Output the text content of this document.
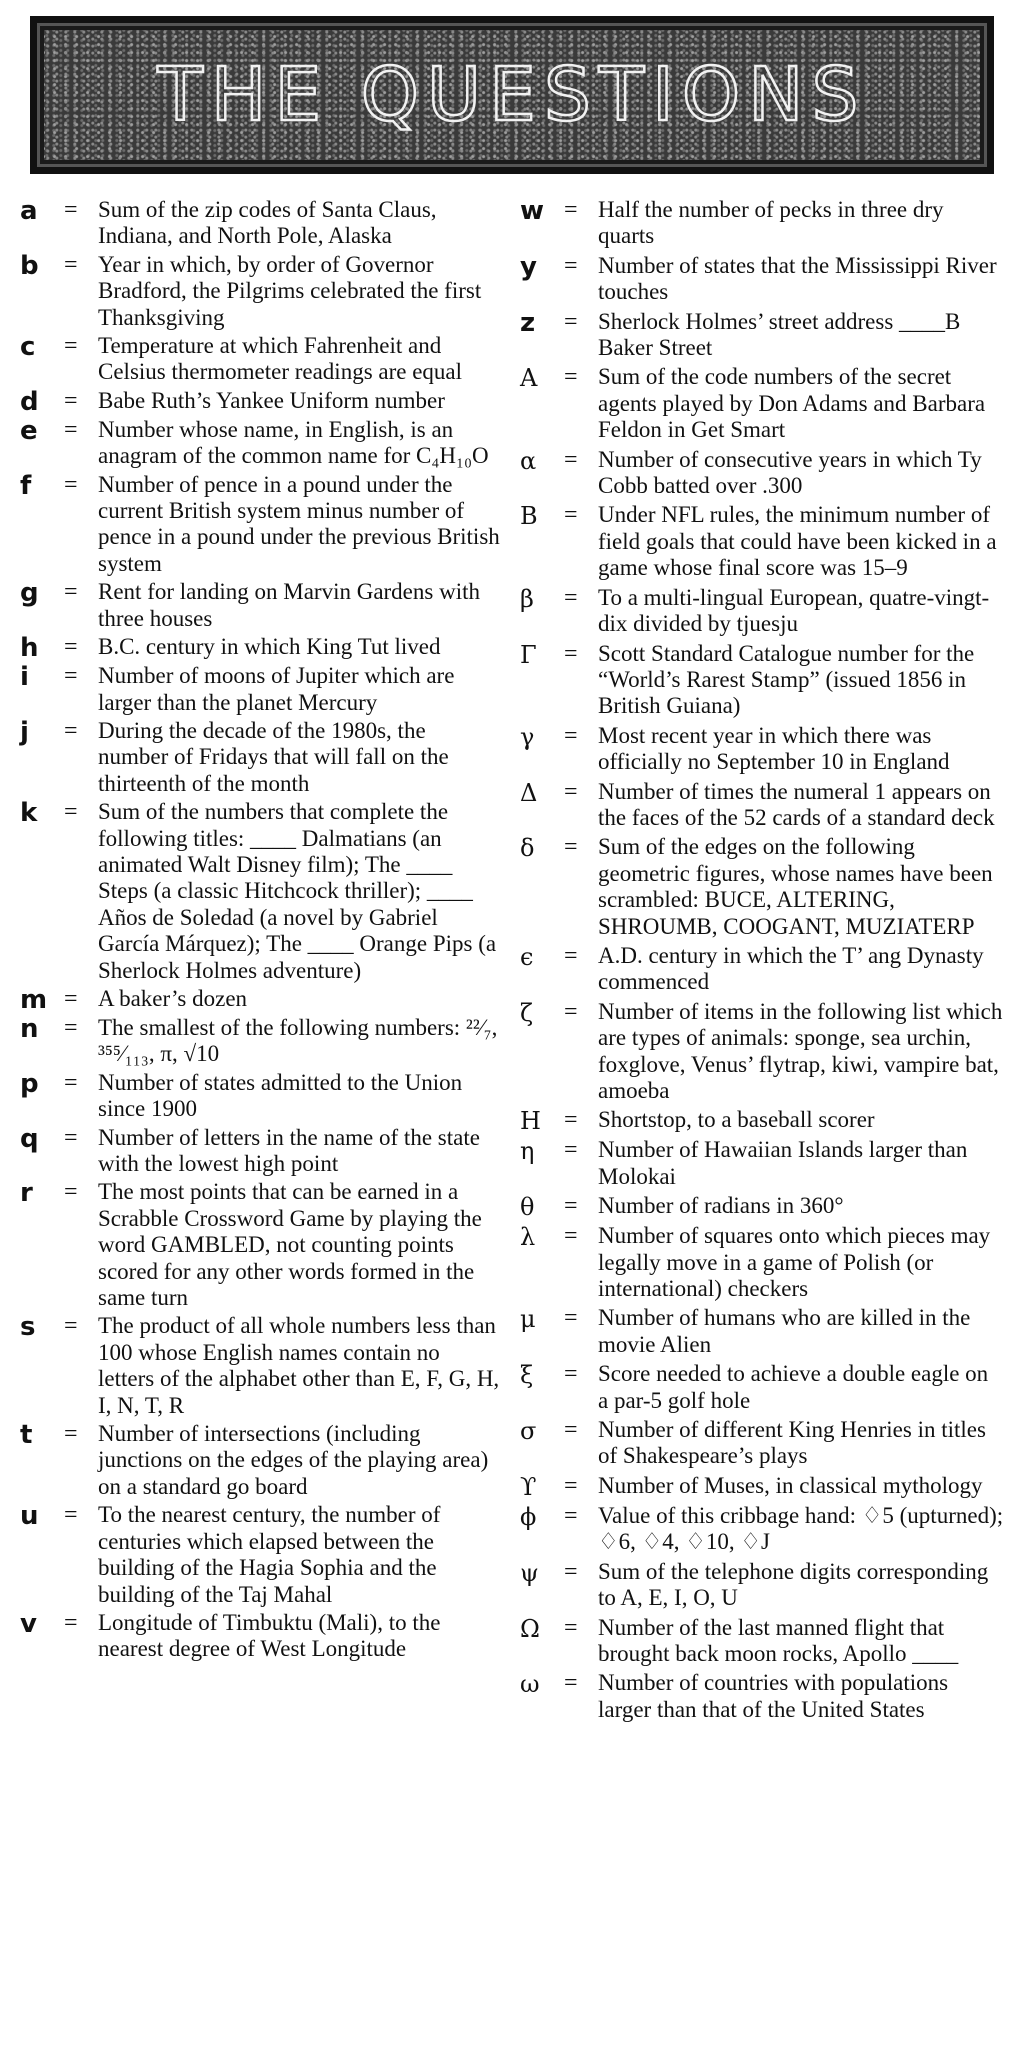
THE QUESTIONS
a	= Sum of the zip codes of Santa Claus, Indiana, and North Pole, Alaska
b	= Year in which, by order of Governor Bradford, the Pilgrims celebrated the first Thanksgiving
c	= Temperature at which Fahrenheit and Celsius thermometer readings are equal
d	= Babe Ruth’s Yankee Uniform number
e	= Number whose name, in English, is an anagram of the common name for C₄H₁₀O
f	= Number of pence in a pound under the current British system minus number of pence in a pound under the previous British system
g	= Rent for landing on Marvin Gardens with three houses
h	= B.C. century in which King Tut lived
i	= Number of moons of Jupiter which are larger than the planet Mercury
j	= During the decade of the 1980s, the number of Fridays that will fall on the thirteenth of the month
k	= Sum of the numbers that complete the following titles: ____ Dalmatians (an animated Walt Disney film); The ____ Steps (a classic Hitchcock thriller); ____ Años de Soledad (a novel by Gabriel García Márquez); The ____ Orange Pips (a Sherlock Holmes adventure)
m = A baker’s dozen
n	= The smallest of the following numbers: ²²⁄₇, ³⁵⁵⁄₁₁₃, π, √10
p	= Number of states admitted to the Union since 1900
q	= Number of letters in the name of the state with the lowest high point
r	= The most points that can be earned in a Scrabble Crossword Game by playing the word GAMBLED, not counting points scored for any other words formed in the same turn
s	= The product of all whole numbers less than 100 whose English names contain no letters of the alphabet other than E, F, G, H, I, N, T, R
t	= Number of intersections (including junctions on the edges of the playing area) on a standard go board
u	= To the nearest century, the number of centuries which elapsed between the building of the Hagia Sophia and the building of the Taj Mahal
v	= Longitude of Timbuktu (Mali), to the nearest degree of West Longitude
w = Half the number of pecks in three dry quarts
y	= Number of states that the Mississippi River touches
z	= Sherlock Holmes’ street address ____B Baker Street
A	= Sum of the code numbers of the secret agents played by Don Adams and Barbara Feldon in Get Smart
α	= Number of consecutive years in which Ty Cobb batted over .300
B	= Under NFL rules, the minimum number of field goals that could have been kicked in a game whose final score was 15–9
β	= To a multi-lingual European, quatre-vingt-dix divided by tjuesju
Γ	= Scott Standard Catalogue number for the “World’s Rarest Stamp” (issued 1856 in British Guiana)
γ	= Most recent year in which there was officially no September 10 in England
Δ	= Number of times the numeral 1 appears on the faces of the 52 cards of a standard deck
δ	= Sum of the edges on the following geometric figures, whose names have been scrambled: BUCE, ALTERING, SHROUMB, COOGANT, MUZIATERP
ϵ	= A.D. century in which the T’ ang Dynasty commenced
ζ	= Number of items in the following list which are types of animals: sponge, sea urchin, foxglove, Venus’ flytrap, kiwi, vampire bat, amoeba
H = Shortstop, to a baseball scorer
η	= Number of Hawaiian Islands larger than Molokai
θ	= Number of radians in 360°
λ	= Number of squares onto which pieces may legally move in a game of Polish (or international) checkers
μ	= Number of humans who are killed in the movie Alien
ξ	= Score needed to achieve a double eagle on a par-5 golf hole
σ	= Number of different King Henries in titles of Shakespeare’s plays
ϒ	= Number of Muses, in classical mythology
ϕ	= Value of this cribbage hand: ♢5 (upturned); ♢6, ♢4, ♢10, ♢J
ψ	= Sum of the telephone digits corresponding to A, E, I, O, U
Ω	= Number of the last manned flight that brought back moon rocks, Apollo ____
ω	= Number of countries with populations larger than that of the United States
